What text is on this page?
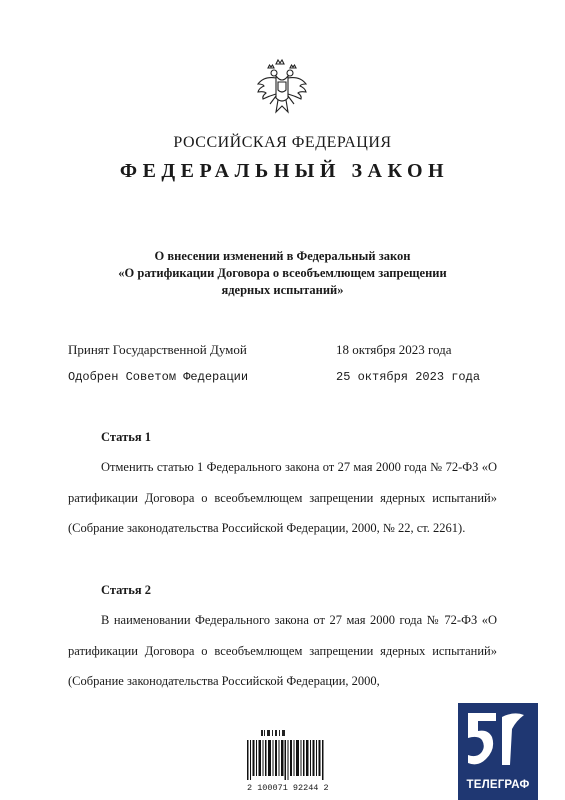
РОССИЙСКАЯ ФЕДЕРАЦИЯ
ФЕДЕРАЛЬНЫЙ ЗАКОН
О внесении изменений в Федеральный закон
«О ратификации Договора о всеобъемлющем запрещении
ядерных испытаний»
Принят Государственной Думой	18 октября 2023 года
Одобрен Советом Федерации	25 октября 2023 года
Статья 1
Отменить статью 1 Федерального закона от 27 мая 2000 года № 72-ФЗ «О ратификации Договора о всеобъемлющем запрещении ядерных испытаний» (Собрание законодательства Российской Федерации, 2000, № 22, ст. 2261).
Статья 2
В наименовании Федерального закона от 27 мая 2000 года № 72-ФЗ «О ратификации Договора о всеобъемлющем запрещении ядерных испытаний» (Собрание законодательства Российской Федерации, 2000,
2 100071 92244 2	ТЕЛЕГРАФ
